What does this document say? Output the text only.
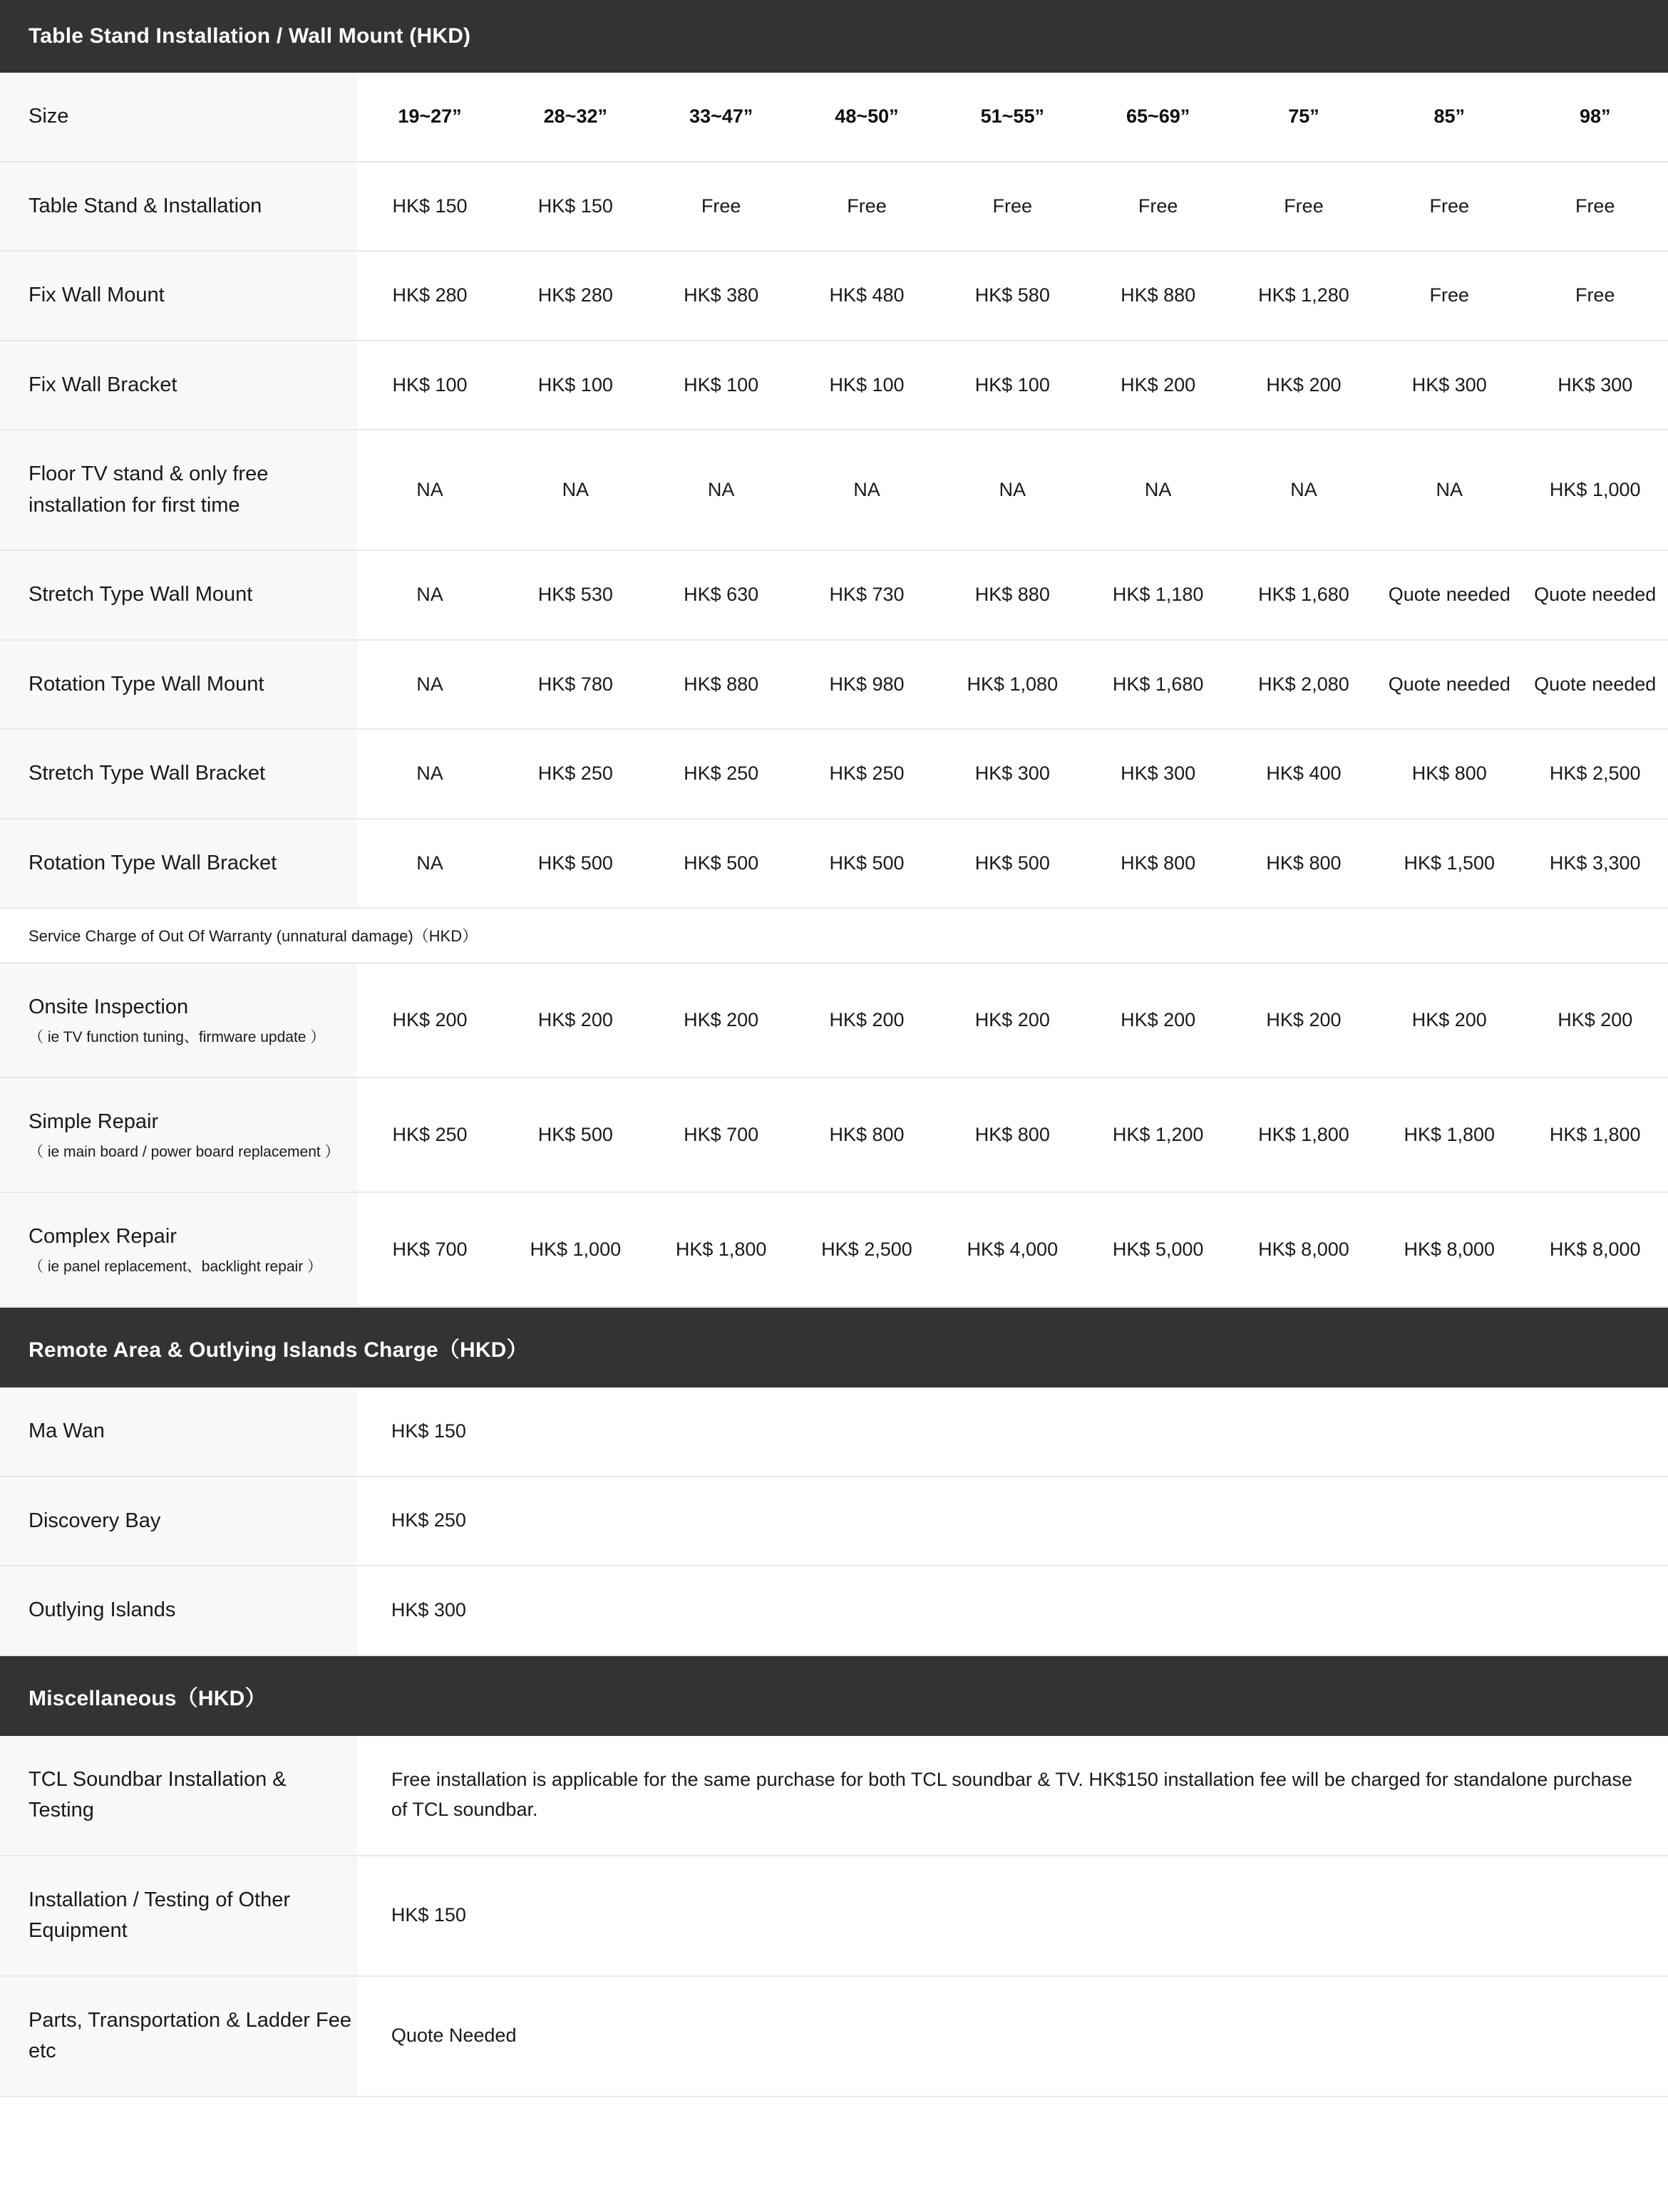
Table Stand Installation / Wall Mount (HKD)									
Size	19~27”	28~32”	33~47”	48~50”	51~55”	65~69”	75”	85”	98”
Table Stand & Installation	HK$ 150	HK$ 150	Free	Free	Free	Free	Free	Free	Free
Fix Wall Mount	HK$ 280	HK$ 280	HK$ 380	HK$ 480	HK$ 580	HK$ 880	HK$ 1,280	Free	Free
Fix Wall Bracket	HK$ 100	HK$ 100	HK$ 100	HK$ 100	HK$ 100	HK$ 200	HK$ 200	HK$ 300	HK$ 300
Floor TV stand & only free installation for first time	NA	NA	NA	NA	NA	NA	NA	NA	HK$ 1,000
Stretch Type Wall Mount	NA	HK$ 530	HK$ 630	HK$ 730	HK$ 880	HK$ 1,180	HK$ 1,680	Quote needed	Quote needed
Rotation Type Wall Mount	NA	HK$ 780	HK$ 880	HK$ 980	HK$ 1,080	HK$ 1,680	HK$ 2,080	Quote needed	Quote needed
Stretch Type Wall Bracket	NA	HK$ 250	HK$ 250	HK$ 250	HK$ 300	HK$ 300	HK$ 400	HK$ 800	HK$ 2,500
Rotation Type Wall Bracket	NA	HK$ 500	HK$ 500	HK$ 500	HK$ 500	HK$ 800	HK$ 800	HK$ 1,500	HK$ 3,300
Service Charge of Out Of Warranty (unnatural damage)（HKD）									
Onsite Inspection
（ ie TV function tuning、firmware update ）	HK$ 200	HK$ 200	HK$ 200	HK$ 200	HK$ 200	HK$ 200	HK$ 200	HK$ 200	HK$ 200
Simple Repair
（ ie main board / power board replacement ）	HK$ 250	HK$ 500	HK$ 700	HK$ 800	HK$ 800	HK$ 1,200	HK$ 1,800	HK$ 1,800	HK$ 1,800
Complex Repair
（ ie panel replacement、backlight repair ）	HK$ 700	HK$ 1,000	HK$ 1,800	HK$ 2,500	HK$ 4,000	HK$ 5,000	HK$ 8,000	HK$ 8,000	HK$ 8,000
Remote Area & Outlying Islands Charge（HKD）									
Ma Wan	HK$ 150								
Discovery Bay	HK$ 250								
Outlying Islands	HK$ 300								
Miscellaneous（HKD）									
TCL Soundbar Installation & Testing	Free installation is applicable for the same purchase for both TCL soundbar & TV. HK$150 installation fee will be charged for standalone purchase of TCL soundbar.								
Installation / Testing of Other Equipment	HK$ 150								
Parts, Transportation & Ladder Fee etc	Quote Needed								
